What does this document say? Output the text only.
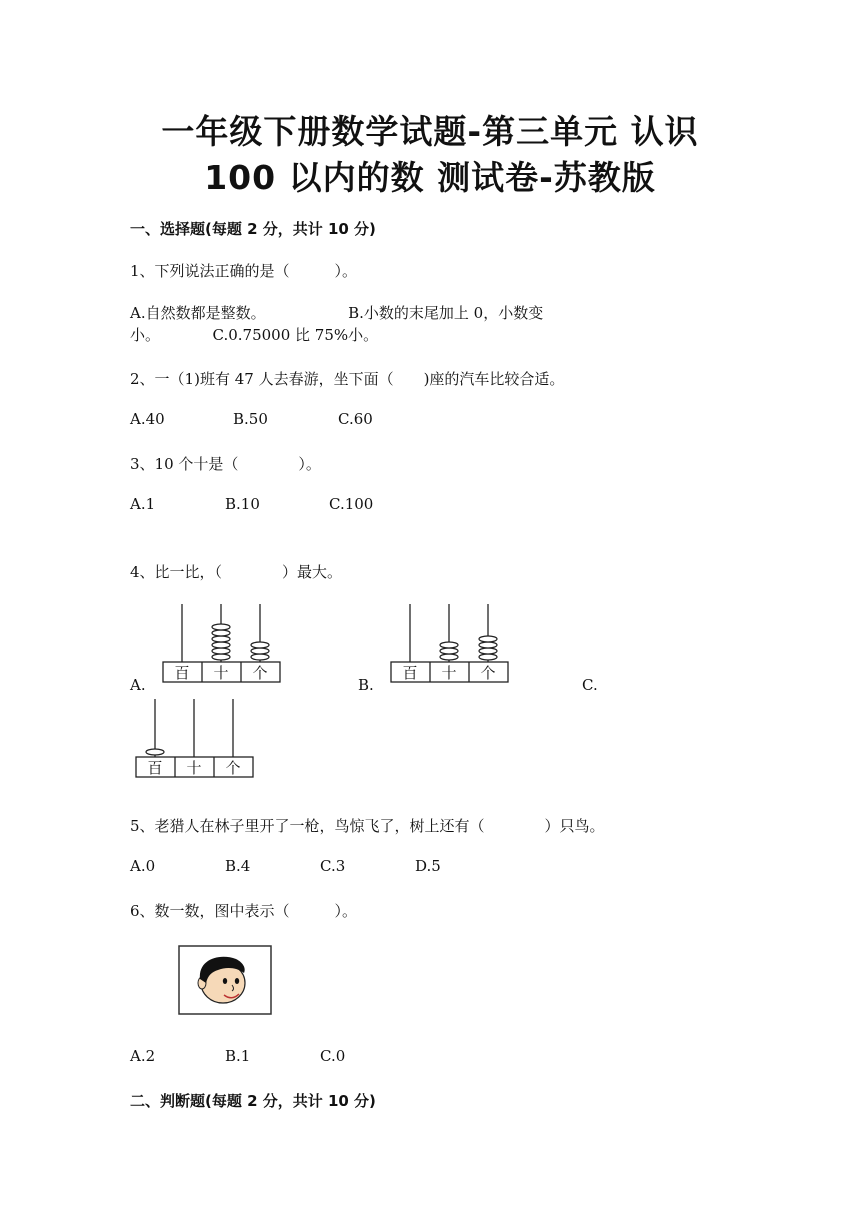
一年级下册数学试题-第三单元 认识
100 以内的数 测试卷-苏教版
一、选择题(每题 2 分，共计 10 分)
1、下列说法正确的是（　　　）。
A.自然数都是整数。　　　　　　B.小数的末尾加上 0，小数变
小。　　　　C.0.75000 比 75%小。
2、一（1)班有 47 人去春游，坐下面（　　)座的汽车比较合适。
A.40	B.50	C.60
3、10 个十是（　　　　）。
A.1	B.10	C.100
4、比一比，（　　　　）最大。
A.	B.	C.
百 十 个	百 十 个
百 十 个
5、老猎人在林子里开了一枪，鸟惊飞了，树上还有（　　　　）只鸟。
A.0	B.4	C.3	D.5
6、数一数，图中表示（　　　）。
A.2	B.1	C.0
二、判断题(每题 2 分，共计 10 分)
